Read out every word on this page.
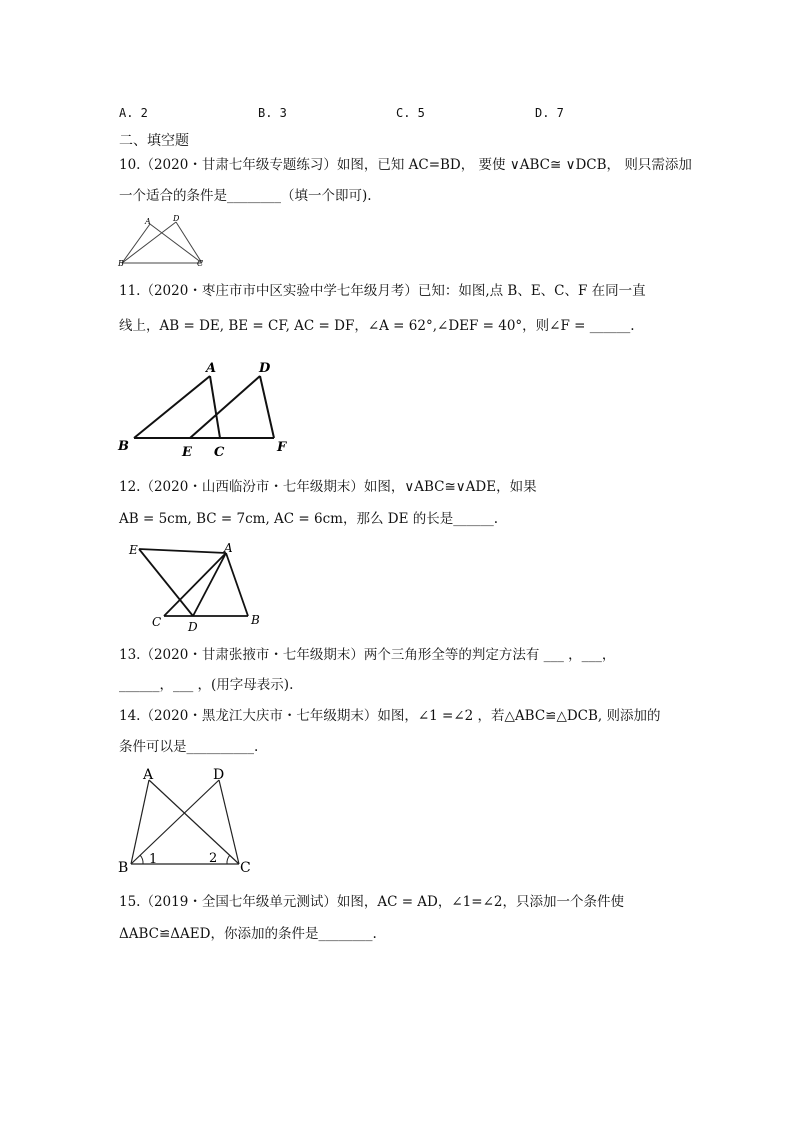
A. 2	B. 3	C. 5	D. 7
二、填空题
10.（2020・甘肃七年级专题练习）如图，已知 AC=BD， 要使 ∨ABC≅ ∨DCB， 则只需添加
一个适合的条件是________（填一个即可).
A	D
B	C
11.（2020・枣庄市市中区实验中学七年级月考）已知：如图,点 B、E、C、F 在同一直
线上，AB = DE, BE = CF, AC = DF，∠A = 62°,∠DEF = 40°，则∠F = ______.
A	D
B	E C	F
12.（2020・山西临汾市・七年级期末）如图，∨ABC≅∨ADE，如果
AB = 5cm, BC = 7cm, AC = 6cm，那么 DE 的长是______.
E	A
C D	B
13.（2020・甘肃张掖市・七年级期末）两个三角形全等的判定方法有 ___ ，___，
______，___ ，(用字母表示).
14.（2020・黑龙江大庆市・七年级期末）如图，∠1 =∠2 ，若△ABC≌△DCB, 则添加的
条件可以是__________.
A	D
B	C
1	2
15.（2019・全国七年级单元测试）如图，AC = AD，∠1=∠2，只添加一个条件使
ΔABC≌ΔAED，你添加的条件是________.
